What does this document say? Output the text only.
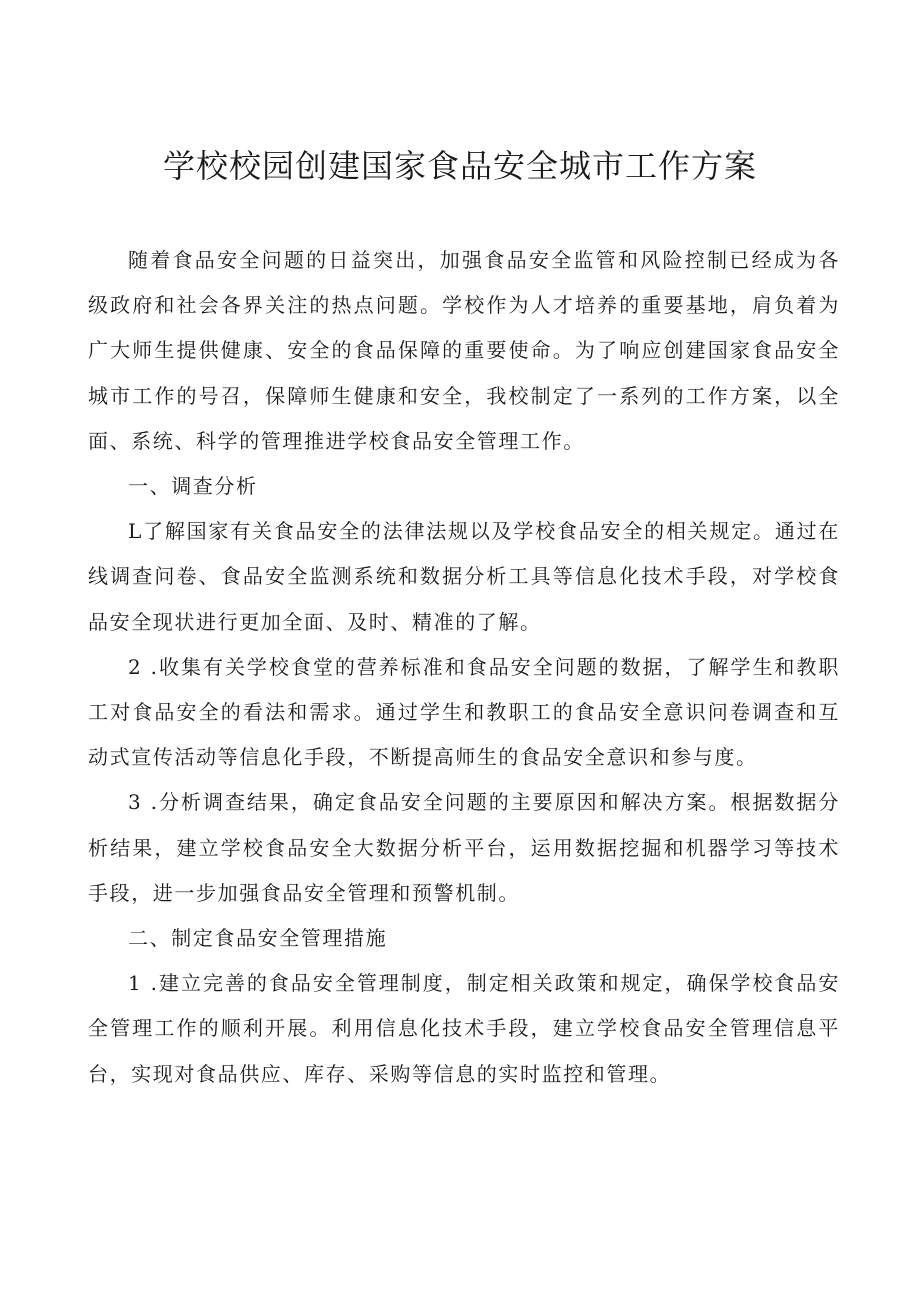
学校校园创建国家食品安全城市工作方案

随着食品安全问题的日益突出，加强食品安全监管和风险控制已经成为各级政府和社会各界关注的热点问题。学校作为人才培养的重要基地，肩负着为广大师生提供健康、安全的食品保障的重要使命。为了响应创建国家食品安全城市工作的号召，保障师生健康和安全，我校制定了一系列的工作方案，以全面、系统、科学的管理推进学校食品安全管理工作。

一、调查分析

L了解国家有关食品安全的法律法规以及学校食品安全的相关规定。通过在线调查问卷、食品安全监测系统和数据分析工具等信息化技术手段，对学校食品安全现状进行更加全面、及时、精准的了解。

2 .收集有关学校食堂的营养标准和食品安全问题的数据，了解学生和教职工对食品安全的看法和需求。通过学生和教职工的食品安全意识问卷调查和互动式宣传活动等信息化手段，不断提高师生的食品安全意识和参与度。

3 .分析调查结果，确定食品安全问题的主要原因和解决方案。根据数据分析结果，建立学校食品安全大数据分析平台，运用数据挖掘和机器学习等技术手段，进一步加强食品安全管理和预警机制。

二、制定食品安全管理措施

1 .建立完善的食品安全管理制度，制定相关政策和规定，确保学校食品安全管理工作的顺利开展。利用信息化技术手段，建立学校食品安全管理信息平台，实现对食品供应、库存、采购等信息的实时监控和管理。
